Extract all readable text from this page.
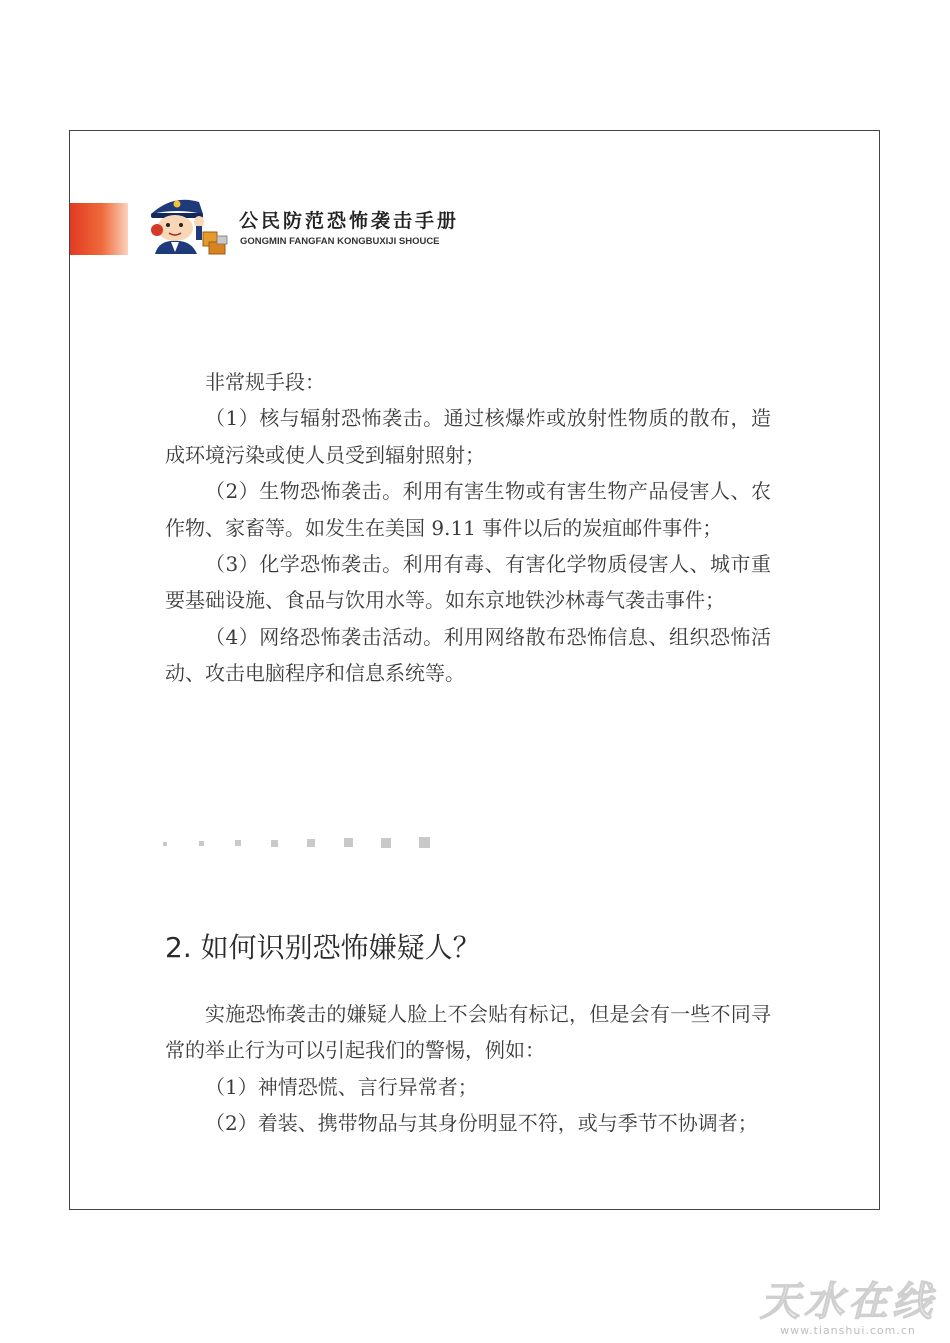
公民防范恐怖袭击手册
GONGMIN FANGFAN KONGBUXIJI SHOUCE

非常规手段：

（1）核与辐射恐怖袭击。通过核爆炸或放射性物质的散布，造成环境污染或使人员受到辐射照射；

（2）生物恐怖袭击。利用有害生物或有害生物产品侵害人、农作物、家畜等。如发生在美国 9.11 事件以后的炭疽邮件事件；

（3）化学恐怖袭击。利用有毒、有害化学物质侵害人、城市重要基础设施、食品与饮用水等。如东京地铁沙林毒气袭击事件；

（4）网络恐怖袭击活动。利用网络散布恐怖信息、组织恐怖活动、攻击电脑程序和信息系统等。

2. 如何识别恐怖嫌疑人？

实施恐怖袭击的嫌疑人脸上不会贴有标记，但是会有一些不同寻常的举止行为可以引起我们的警惕，例如：

（1）神情恐慌、言行异常者；

（2）着装、携带物品与其身份明显不符，或与季节不协调者；

天水在线
www.tianshui.com.cn
